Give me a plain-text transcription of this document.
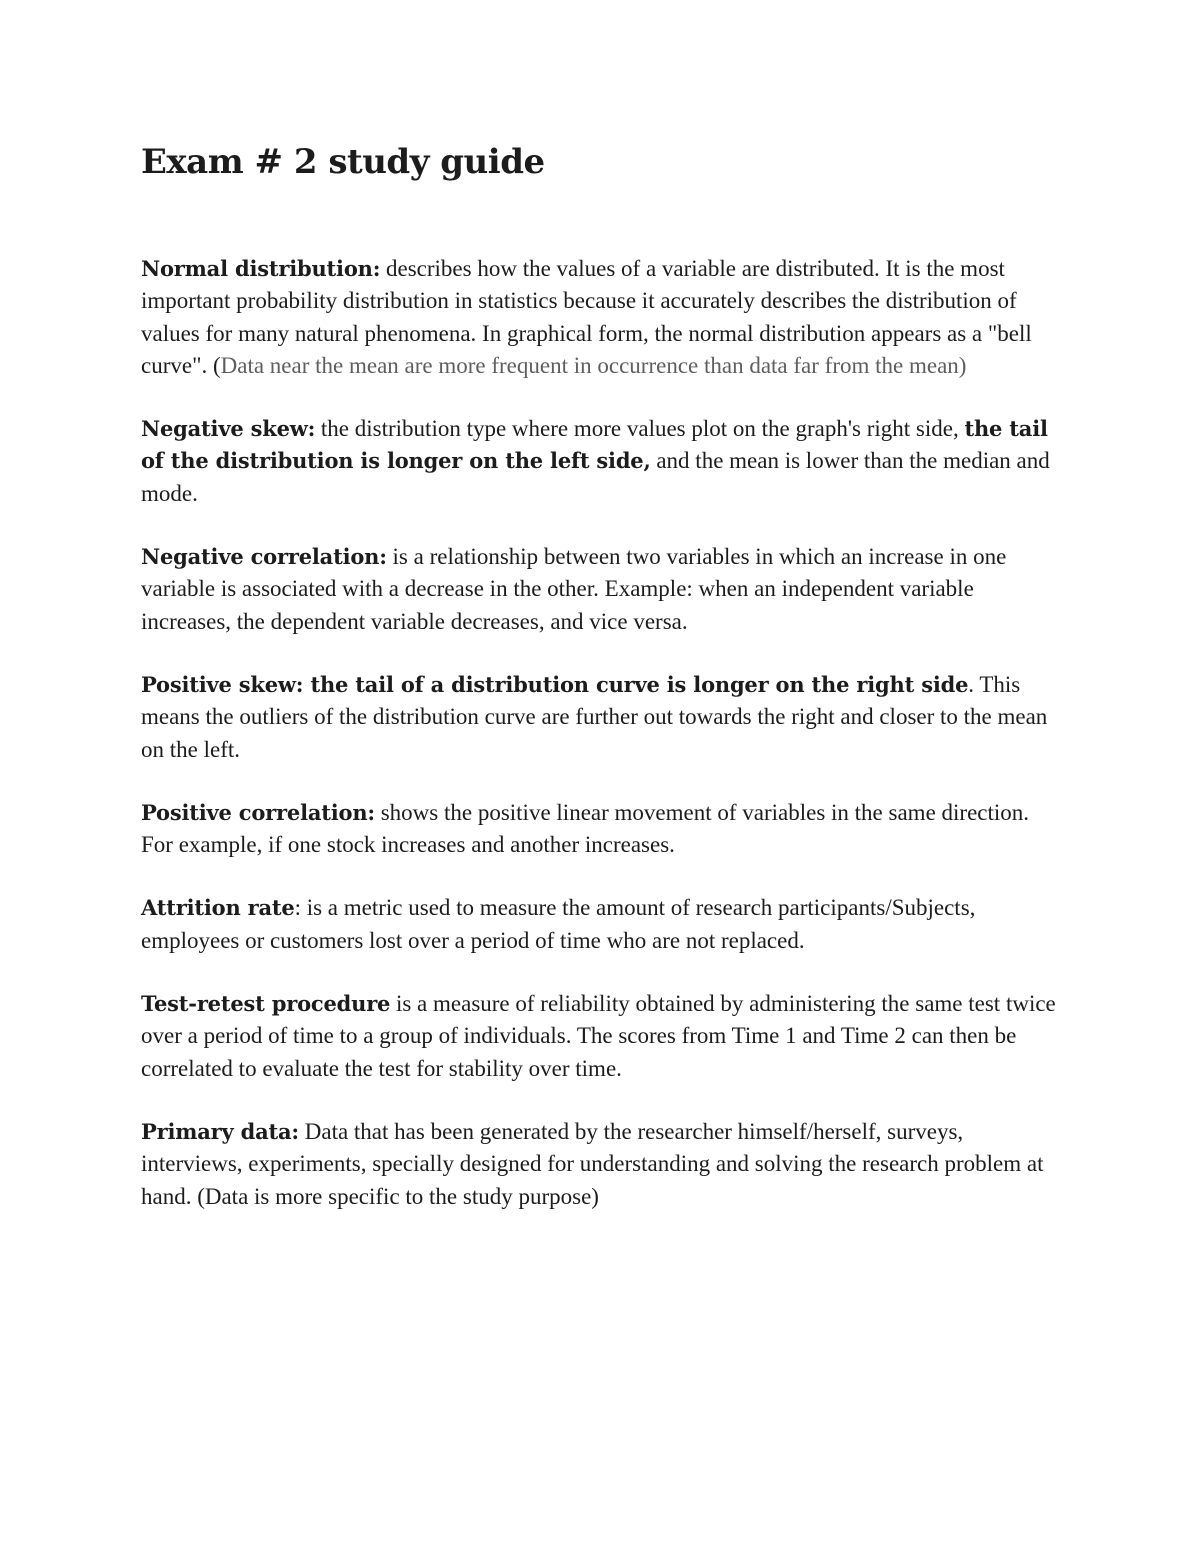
Exam # 2 study guide

Normal distribution: describes how the values of a variable are distributed. It is the most important probability distribution in statistics because it accurately describes the distribution of values for many natural phenomena. In graphical form, the normal distribution appears as a "bell curve". (Data near the mean are more frequent in occurrence than data far from the mean)

Negative skew: the distribution type where more values plot on the graph's right side, the tail of the distribution is longer on the left side, and the mean is lower than the median and mode.

Negative correlation: is a relationship between two variables in which an increase in one variable is associated with a decrease in the other. Example: when an independent variable increases, the dependent variable decreases, and vice versa.

Positive skew: the tail of a distribution curve is longer on the right side. This means the outliers of the distribution curve are further out towards the right and closer to the mean on the left.

Positive correlation: shows the positive linear movement of variables in the same direction. For example, if one stock increases and another increases.

Attrition rate: is a metric used to measure the amount of research participants/Subjects, employees or customers lost over a period of time who are not replaced.

Test-retest procedure is a measure of reliability obtained by administering the same test twice over a period of time to a group of individuals. The scores from Time 1 and Time 2 can then be correlated to evaluate the test for stability over time.

Primary data: Data that has been generated by the researcher himself/herself, surveys, interviews, experiments, specially designed for understanding and solving the research problem at hand. (Data is more specific to the study purpose)
